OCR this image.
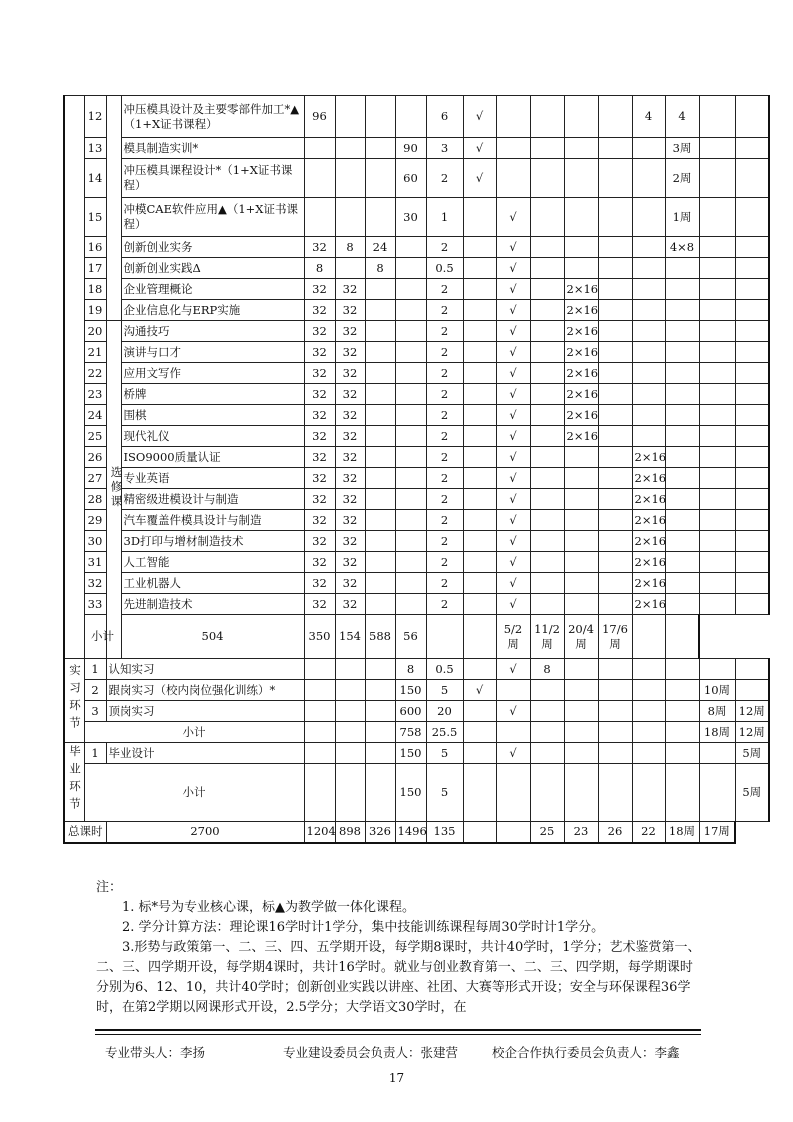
	12		冲压模具设计及主要零部件加工*▲（1+X证书课程）	96				6	√					4	4		
	13		模具制造实训*				90	3	√						3周		
	14		冲压模具课程设计*（1+X证书课程）				60	2	√						2周		
	15		冲模CAE软件应用▲（1+X证书课程）				30	1		√					1周		
	16		创新创业实务	32	8	24		2		√					4×8		
	17		创新创业实践Δ	8		8		0.5		√							
	18		企业管理概论	32	32			2		√		2×16					
	19		企业信息化与ERP实施	32	32			2		√		2×16					
	20	选修课	沟通技巧	32	32			2		√		2×16					
	21		演讲与口才	32	32			2		√		2×16					
	22		应用文写作	32	32			2		√		2×16					
	23		桥牌	32	32			2		√		2×16					
	24		围棋	32	32			2		√		2×16					
	25		现代礼仪	32	32			2		√		2×16					
	26		ISO9000质量认证	32	32			2		√				2×16			
	27		专业英语	32	32			2		√				2×16			
	28		精密级进模设计与制造	32	32			2		√				2×16			
	29		汽车覆盖件模具设计与制造	32	32			2		√				2×16			
	30		3D打印与增材制造技术	32	32			2		√				2×16			
	31		人工智能	32	32			2		√				2×16			
	32		工业机器人	32	32			2		√				2×16			
	33		先进制造技术	32	32			2		√				2×16			
	小计		504	350	154	588	56			5/2周	11/2周	20/4周	17/6周				
实习环节	1	认知实习					8	0.5		√	8						
	2	跟岗实习（校内岗位强化训练）*					150	5	√							10周	
	3	顶岗实习					600	20		√						8周	12周
	小计						758	25.5								18周	12周
毕业环节	1	毕业设计					150	5		√							5周
	小计						150	5									5周
总课时		2700		1204	898	326	1496	135			25	23	26	22	18周	17周	

注：

1. 标*号为专业核心课，标▲为教学做一体化课程。

2. 学分计算方法：理论课16学时计1学分，集中技能训练课程每周30学时计1学分。

3.形势与政策第一、二、三、四、五学期开设，每学期8课时，共计40学时，1学分；艺术鉴赏第一、二、三、四学期开设，每学期4课时，共计16学时。就业与创业教育第一、二、三、四学期，每学期课时分别为6、12、10，共计40学时；创新创业实践以讲座、社团、大赛等形式开设；安全与环保课程36学时，在第2学期以网课形式开设，2.5学分；大学语文30学时，在

专业带头人：李扬	专业建设委员会负责人：张建营	校企合作执行委员会负责人：李鑫
17
